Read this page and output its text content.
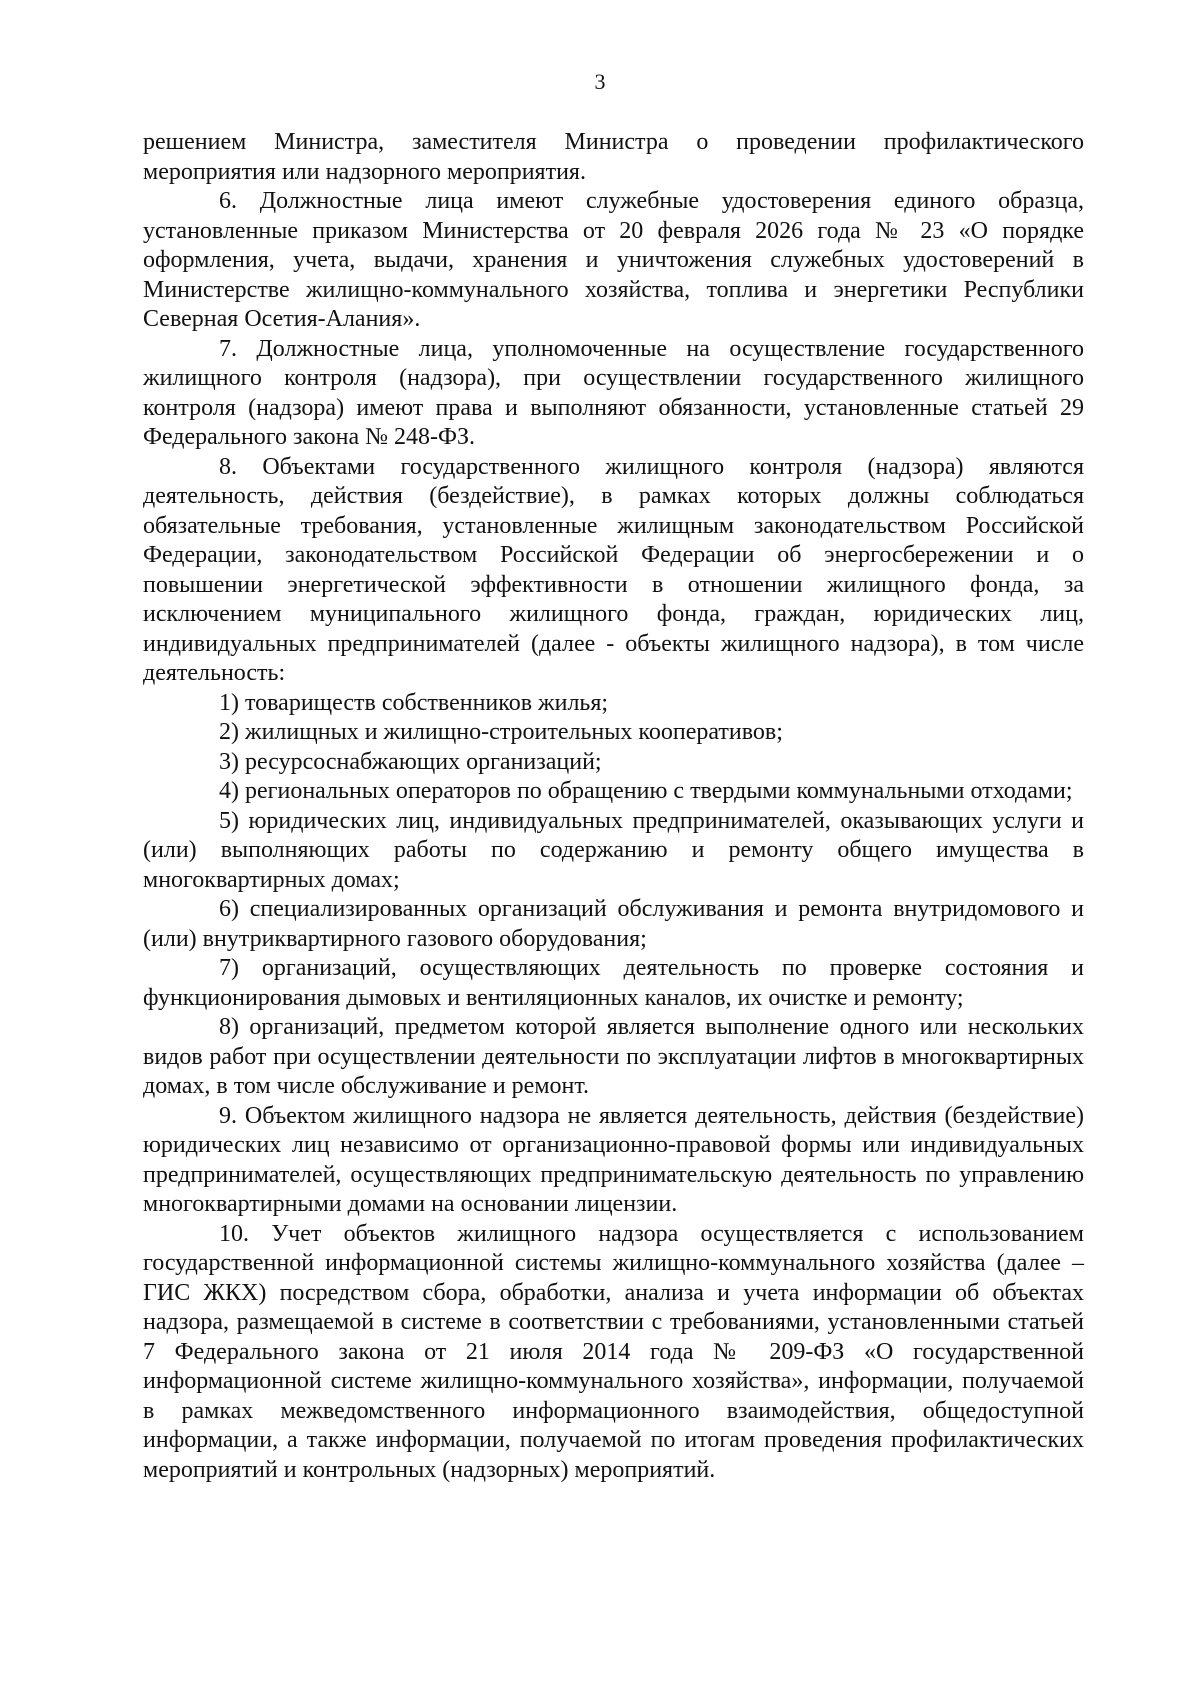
3

решением Министра, заместителя Министра о проведении профилактического мероприятия или надзорного мероприятия.

6. Должностные лица имеют служебные удостоверения единого образца, установленные приказом Министерства от 20 февраля 2026 года № 23 «О порядке оформления, учета, выдачи, хранения и уничтожения служебных удостоверений в Министерстве жилищно-коммунального хозяйства, топлива и энергетики Республики Северная Осетия-Алания».

7. Должностные лица, уполномоченные на осуществление государственного жилищного контроля (надзора), при осуществлении государственного жилищного контроля (надзора) имеют права и выполняют обязанности, установленные статьей 29 Федерального закона № 248-ФЗ.

8. Объектами государственного жилищного контроля (надзора) являются деятельность, действия (бездействие), в рамках которых должны соблюдаться обязательные требования, установленные жилищным законодательством Российской Федерации, законодательством Российской Федерации об энергосбережении и о повышении энергетической эффективности в отношении жилищного фонда, за исключением муниципального жилищного фонда, граждан, юридических лиц, индивидуальных предпринимателей (далее - объекты жилищного надзора), в том числе деятельность:

1) товариществ собственников жилья;

2) жилищных и жилищно-строительных кооперативов;

3) ресурсоснабжающих организаций;

4) региональных операторов по обращению с твердыми коммунальными отходами;

5) юридических лиц, индивидуальных предпринимателей, оказывающих услуги и (или) выполняющих работы по содержанию и ремонту общего имущества в многоквартирных домах;

6) специализированных организаций обслуживания и ремонта внутридомового и (или) внутриквартирного газового оборудования;

7) организаций, осуществляющих деятельность по проверке состояния и функционирования дымовых и вентиляционных каналов, их очистке и ремонту;

8) организаций, предметом которой является выполнение одного или нескольких видов работ при осуществлении деятельности по эксплуатации лифтов в многоквартирных домах, в том числе обслуживание и ремонт.

9. Объектом жилищного надзора не является деятельность, действия (бездействие) юридических лиц независимо от организационно-правовой формы или индивидуальных предпринимателей, осуществляющих предпринимательскую деятельность по управлению многоквартирными домами на основании лицензии.

10. Учет объектов жилищного надзора осуществляется с использованием государственной информационной системы жилищно-коммунального хозяйства (далее – ГИС ЖКХ) посредством сбора, обработки, анализа и учета информации об объектах надзора, размещаемой в системе в соответствии с требованиями, установленными статьей 7 Федерального закона от 21 июля 2014 года № 209-ФЗ «О государственной информационной системе жилищно-коммунального хозяйства», информации, получаемой в рамках межведомственного информационного взаимодействия, общедоступной информации, а также информации, получаемой по итогам проведения профилактических мероприятий и контрольных (надзорных) мероприятий.
